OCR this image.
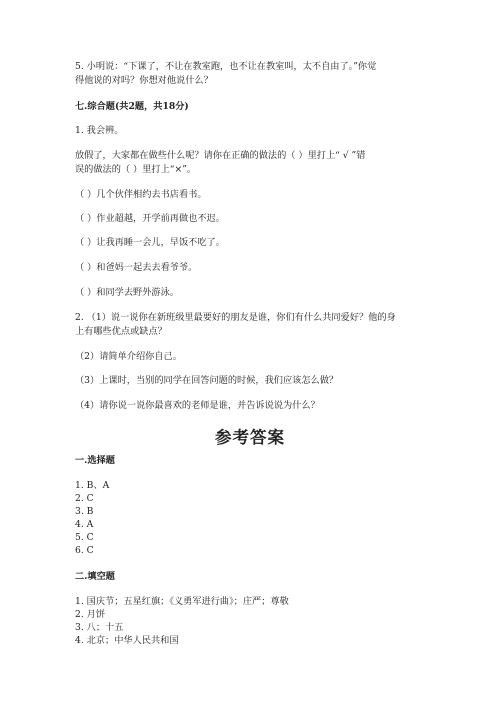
5. 小明说：“下课了，不让在教室跑，也不让在教室叫，太不自由了。”你觉
得他说的对吗？你想对他说什么？
七.综合题(共2题，共18分)
1. 我会辨。
放假了，大家都在做些什么呢？请你在正确的做法的（ ）里打上“ √ ”错
误的做法的（ ）里打上“×”。
（ ）几个伙伴相约去书店看书。
（ ）作业超越，开学前再做也不迟。
（ ）让我再睡一会儿，早饭不吃了。
（ ）和爸妈一起去去看爷爷。
（ ）和同学去野外游泳。
2. （1）说一说你在新班级里最要好的朋友是谁，你们有什么共同爱好？他的身
上有哪些优点或缺点？
（2）请简单介绍你自己。
（3）上课时，当别的同学在回答问题的时候，我们应该怎么做？
（4）请你说一说你最喜欢的老师是谁，并告诉说说为什么？
参考答案
一.选择题
1. B、A
2. C
3. B
4. A
5. C
6. C
二.填空题
1. 国庆节；五星红旗；《义勇军进行曲》；庄严；尊敬
2. 月饼
3. 八；十五
4. 北京；中华人民共和国
